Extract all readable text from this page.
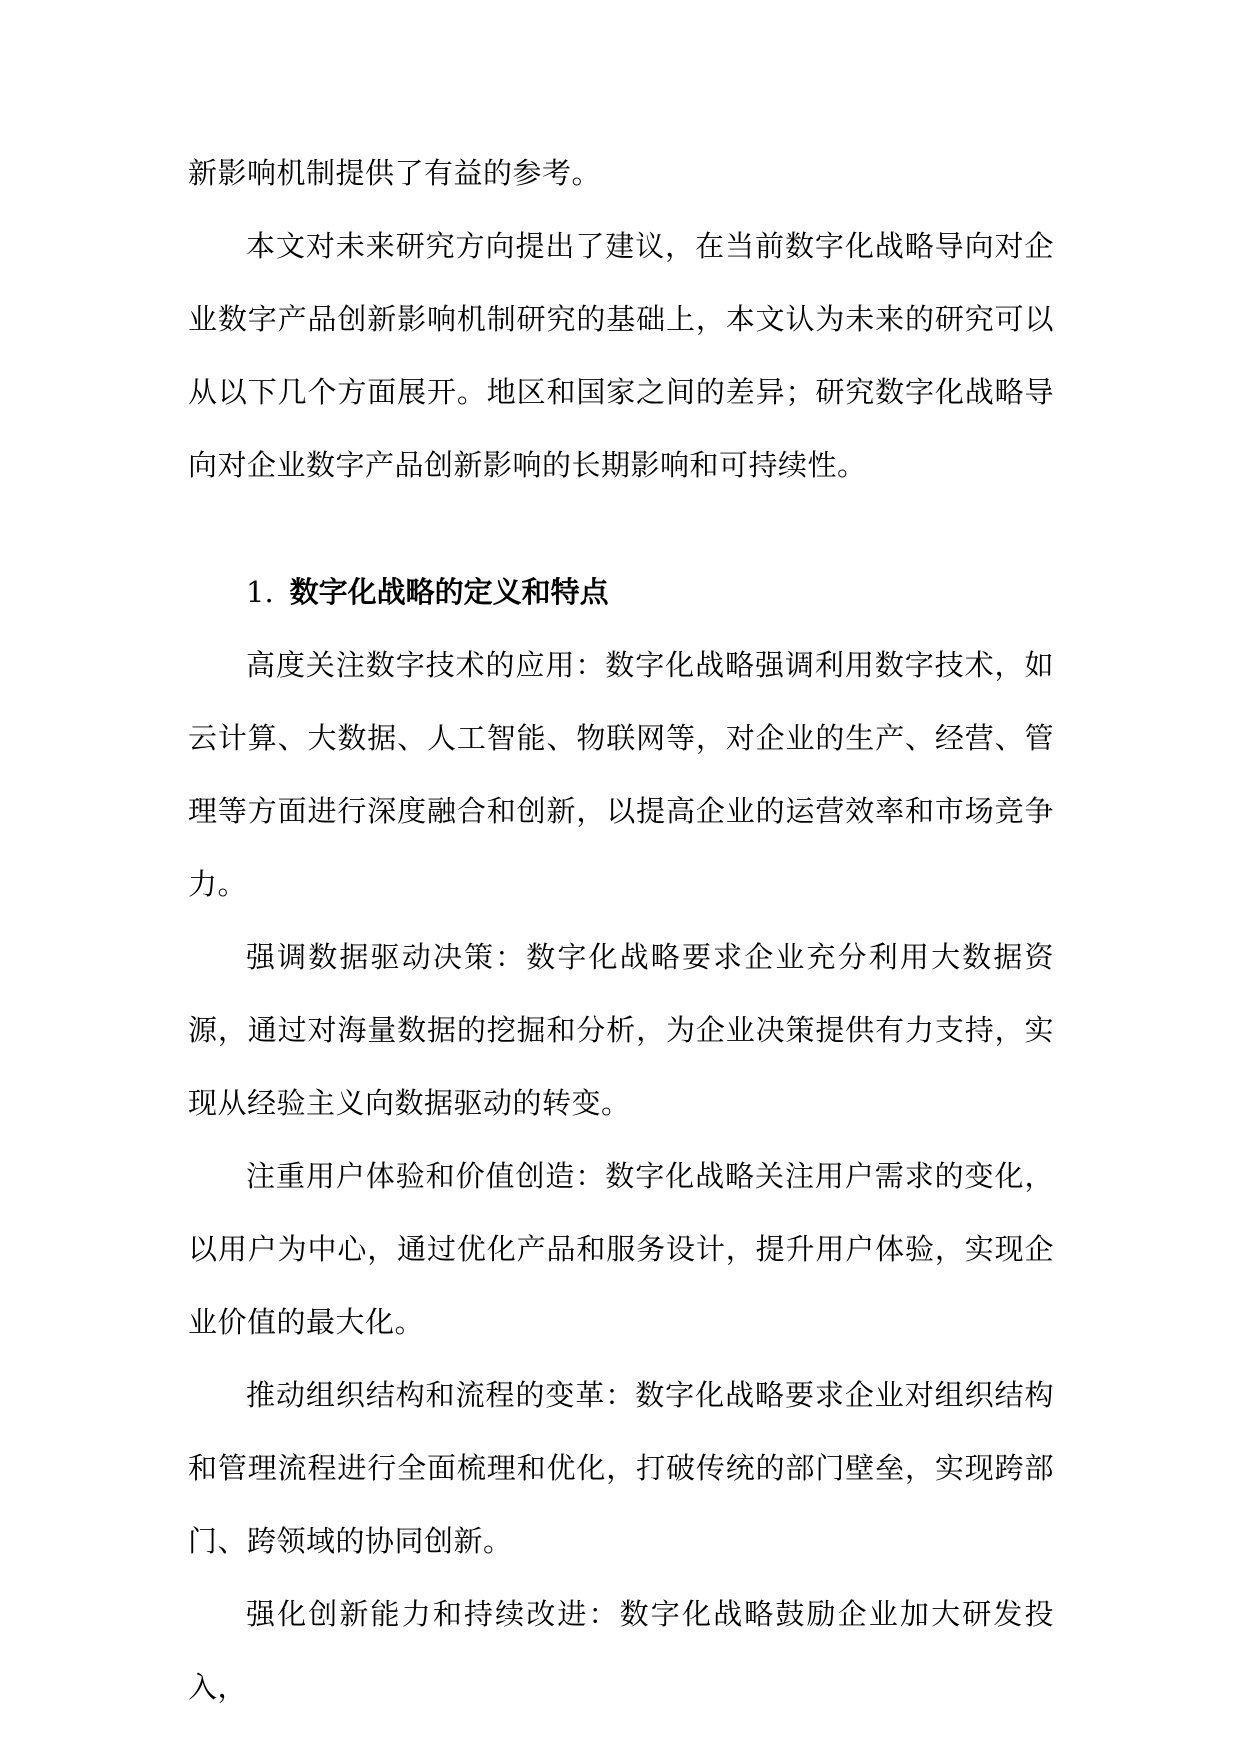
新影响机制提供了有益的参考。

本文对未来研究方向提出了建议，在当前数字化战略导向对企业数字产品创新影响机制研究的基础上，本文认为未来的研究可以从以下几个方面展开。地区和国家之间的差异；研究数字化战略导向对企业数字产品创新影响的长期影响和可持续性。

1. 数字化战略的定义和特点

高度关注数字技术的应用：数字化战略强调利用数字技术，如云计算、大数据、人工智能、物联网等，对企业的生产、经营、管理等方面进行深度融合和创新，以提高企业的运营效率和市场竞争力。

强调数据驱动决策：数字化战略要求企业充分利用大数据资源，通过对海量数据的挖掘和分析，为企业决策提供有力支持，实现从经验主义向数据驱动的转变。

注重用户体验和价值创造：数字化战略关注用户需求的变化，以用户为中心，通过优化产品和服务设计，提升用户体验，实现企业价值的最大化。

推动组织结构和流程的变革：数字化战略要求企业对组织结构和管理流程进行全面梳理和优化，打破传统的部门壁垒，实现跨部门、跨领域的协同创新。

强化创新能力和持续改进：数字化战略鼓励企业加大研发投入，
